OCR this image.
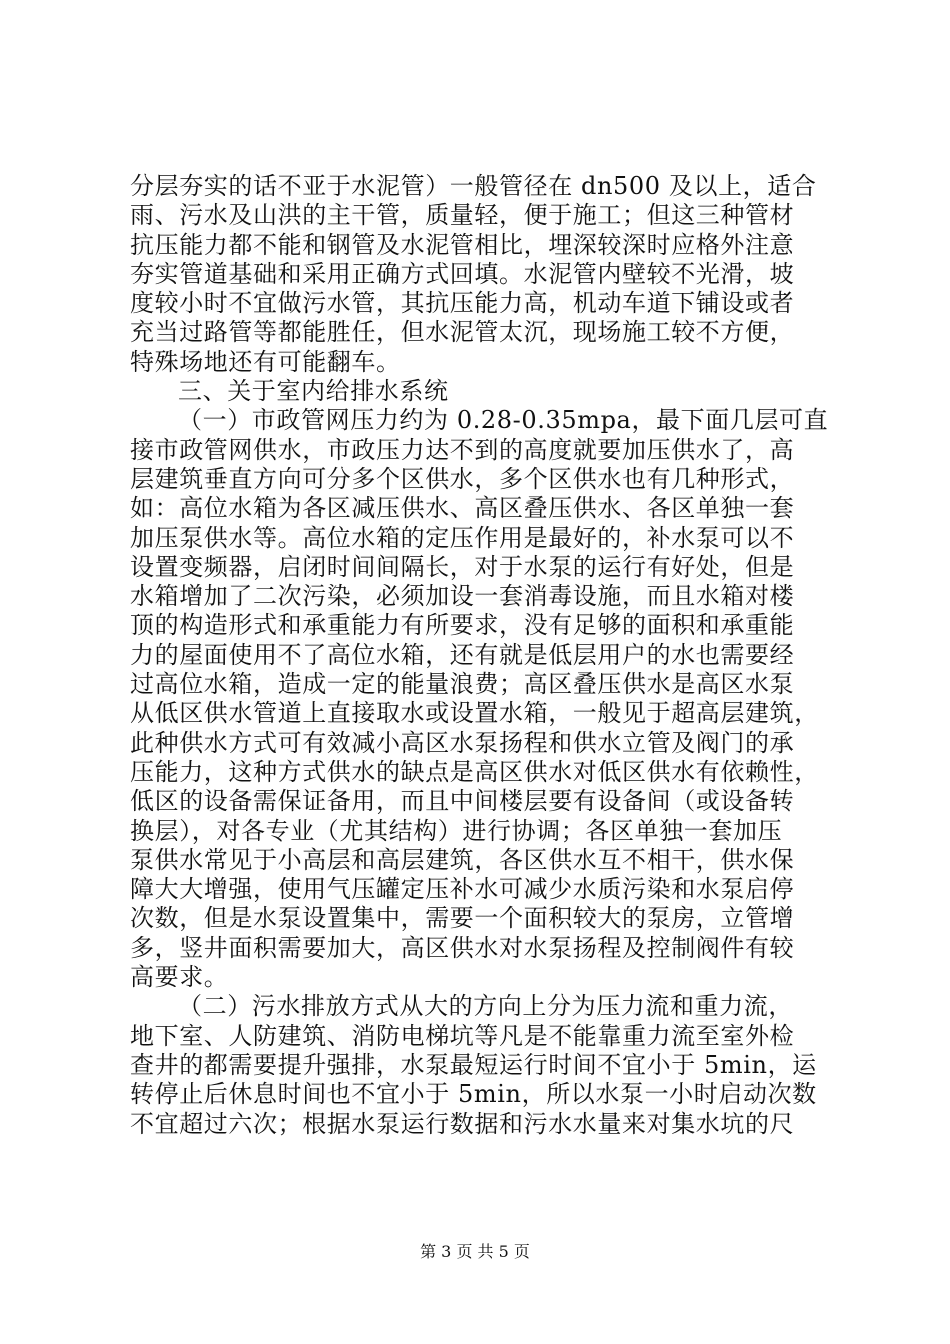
分层夯实的话不亚于水泥管）一般管径在 dn500 及以上，适合
雨、污水及山洪的主干管，质量轻，便于施工；但这三种管材
抗压能力都不能和钢管及水泥管相比，埋深较深时应格外注意
夯实管道基础和采用正确方式回填。水泥管内壁较不光滑，坡
度较小时不宜做污水管，其抗压能力高，机动车道下铺设或者
充当过路管等都能胜任，但水泥管太沉，现场施工较不方便，
特殊场地还有可能翻车。
三、关于室内给排水系统
（一）市政管网压力约为 0.28-0.35mpa，最下面几层可直
接市政管网供水，市政压力达不到的高度就要加压供水了，高
层建筑垂直方向可分多个区供水，多个区供水也有几种形式，
如：高位水箱为各区减压供水、高区叠压供水、各区单独一套
加压泵供水等。高位水箱的定压作用是最好的，补水泵可以不
设置变频器，启闭时间间隔长，对于水泵的运行有好处，但是
水箱增加了二次污染，必须加设一套消毒设施，而且水箱对楼
顶的构造形式和承重能力有所要求，没有足够的面积和承重能
力的屋面使用不了高位水箱，还有就是低层用户的水也需要经
过高位水箱，造成一定的能量浪费；高区叠压供水是高区水泵
从低区供水管道上直接取水或设置水箱，一般见于超高层建筑，
此种供水方式可有效减小高区水泵扬程和供水立管及阀门的承
压能力，这种方式供水的缺点是高区供水对低区供水有依赖性，
低区的设备需保证备用，而且中间楼层要有设备间（或设备转
换层），对各专业（尤其结构）进行协调；各区单独一套加压
泵供水常见于小高层和高层建筑，各区供水互不相干，供水保
障大大增强，使用气压罐定压补水可减少水质污染和水泵启停
次数，但是水泵设置集中，需要一个面积较大的泵房，立管增
多，竖井面积需要加大，高区供水对水泵扬程及控制阀件有较
高要求。
（二）污水排放方式从大的方向上分为压力流和重力流，
地下室、人防建筑、消防电梯坑等凡是不能靠重力流至室外检
查井的都需要提升强排，水泵最短运行时间不宜小于 5min，运
转停止后休息时间也不宜小于 5min，所以水泵一小时启动次数
不宜超过六次；根据水泵运行数据和污水水量来对集水坑的尺
第 3 页 共 5 页
